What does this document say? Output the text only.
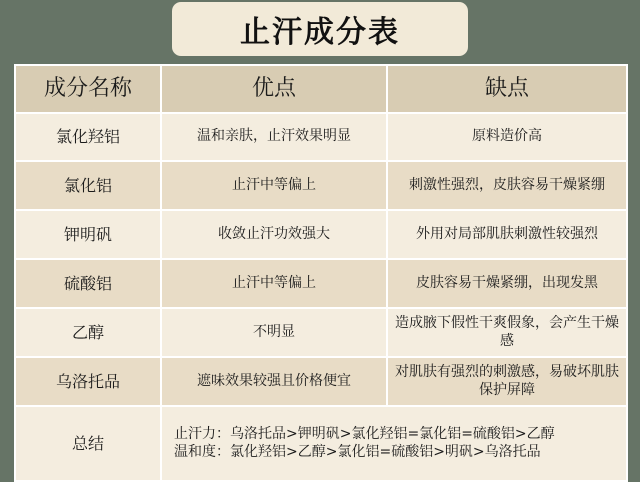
止汗成分表
成分名称	优点	缺点
氯化羟铝	温和亲肤，止汗效果明显	原料造价高
氯化铝	止汗中等偏上	刺激性强烈，皮肤容易干燥紧绷
钾明矾	收敛止汗功效强大	外用对局部肌肤刺激性较强烈
硫酸铝	止汗中等偏上	皮肤容易干燥紧绷，出现发黑
乙醇	不明显	造成腋下假性干爽假象，会产生干燥感
乌洛托品	遮味效果较强且价格便宜	对肌肤有强烈的刺激感，易破坏肌肤保护屏障
总结	止汗力：乌洛托品>钾明矾>氯化羟铝=氯化铝=硫酸铝>乙醇
温和度：氯化羟铝>乙醇>氯化铝=硫酸铝>明矾>乌洛托品	
